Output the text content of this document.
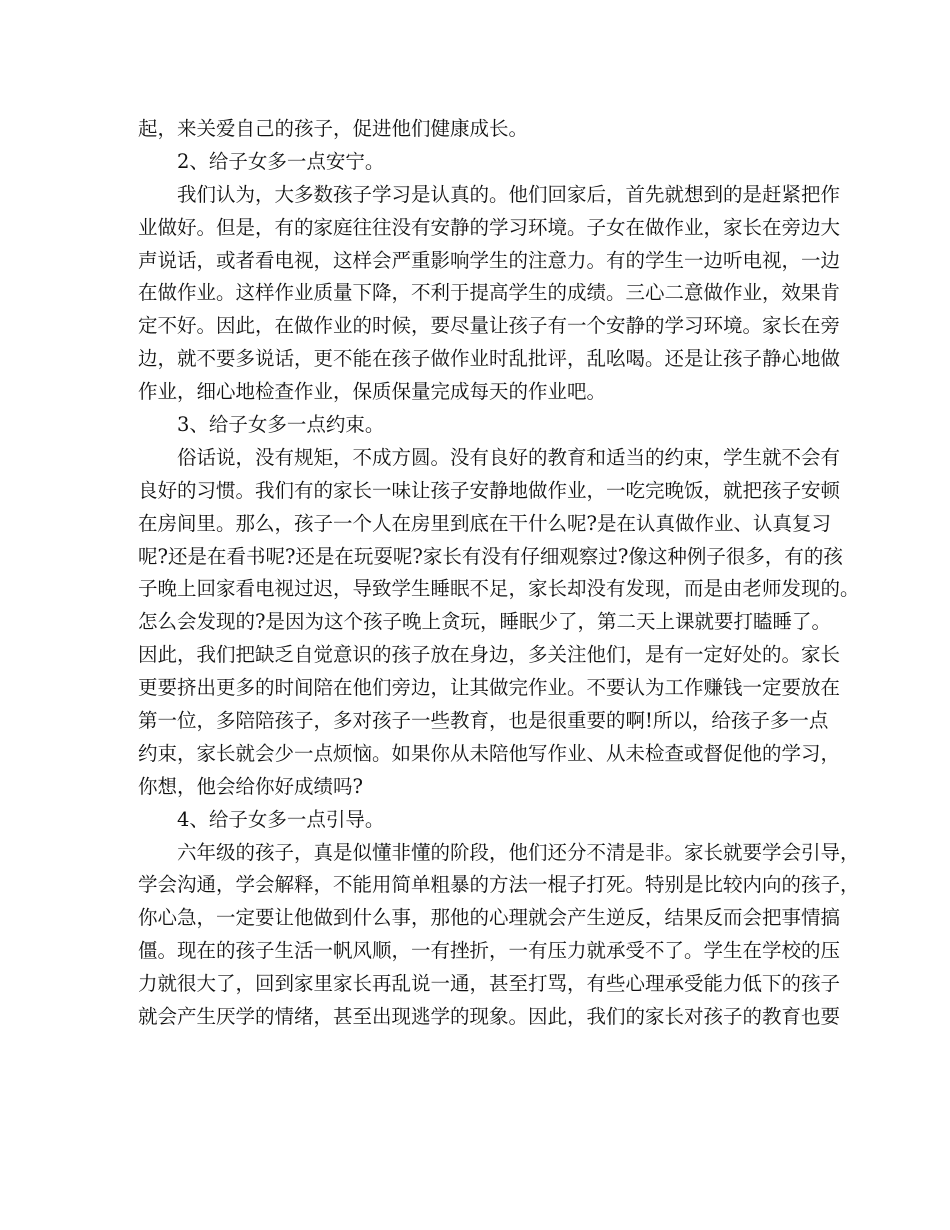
起，来关爱自己的孩子，促进他们健康成长。
2、给子女多一点安宁。
我们认为，大多数孩子学习是认真的。他们回家后，首先就想到的是赶紧把作
业做好。但是，有的家庭往往没有安静的学习环境。子女在做作业，家长在旁边大
声说话，或者看电视，这样会严重影响学生的注意力。有的学生一边听电视，一边
在做作业。这样作业质量下降，不利于提高学生的成绩。三心二意做作业，效果肯
定不好。因此，在做作业的时候，要尽量让孩子有一个安静的学习环境。家长在旁
边，就不要多说话，更不能在孩子做作业时乱批评，乱吆喝。还是让孩子静心地做
作业，细心地检查作业，保质保量完成每天的作业吧。
3、给子女多一点约束。
俗话说，没有规矩，不成方圆。没有良好的教育和适当的约束，学生就不会有
良好的习惯。我们有的家长一味让孩子安静地做作业，一吃完晚饭，就把孩子安顿
在房间里。那么，孩子一个人在房里到底在干什么呢?是在认真做作业、认真复习
呢?还是在看书呢?还是在玩耍呢?家长有没有仔细观察过?像这种例子很多，有的孩
子晚上回家看电视过迟，导致学生睡眠不足，家长却没有发现，而是由老师发现的。
怎么会发现的?是因为这个孩子晚上贪玩，睡眠少了，第二天上课就要打瞌睡了。
因此，我们把缺乏自觉意识的孩子放在身边，多关注他们，是有一定好处的。家长
更要挤出更多的时间陪在他们旁边，让其做完作业。不要认为工作赚钱一定要放在
第一位，多陪陪孩子，多对孩子一些教育，也是很重要的啊!所以，给孩子多一点
约束，家长就会少一点烦恼。如果你从未陪他写作业、从未检查或督促他的学习，
你想，他会给你好成绩吗?
4、给子女多一点引导。
六年级的孩子，真是似懂非懂的阶段，他们还分不清是非。家长就要学会引导，
学会沟通，学会解释，不能用简单粗暴的方法一棍子打死。特别是比较内向的孩子，
你心急，一定要让他做到什么事，那他的心理就会产生逆反，结果反而会把事情搞
僵。现在的孩子生活一帆风顺，一有挫折，一有压力就承受不了。学生在学校的压
力就很大了，回到家里家长再乱说一通，甚至打骂，有些心理承受能力低下的孩子
就会产生厌学的情绪，甚至出现逃学的现象。因此，我们的家长对孩子的教育也要
